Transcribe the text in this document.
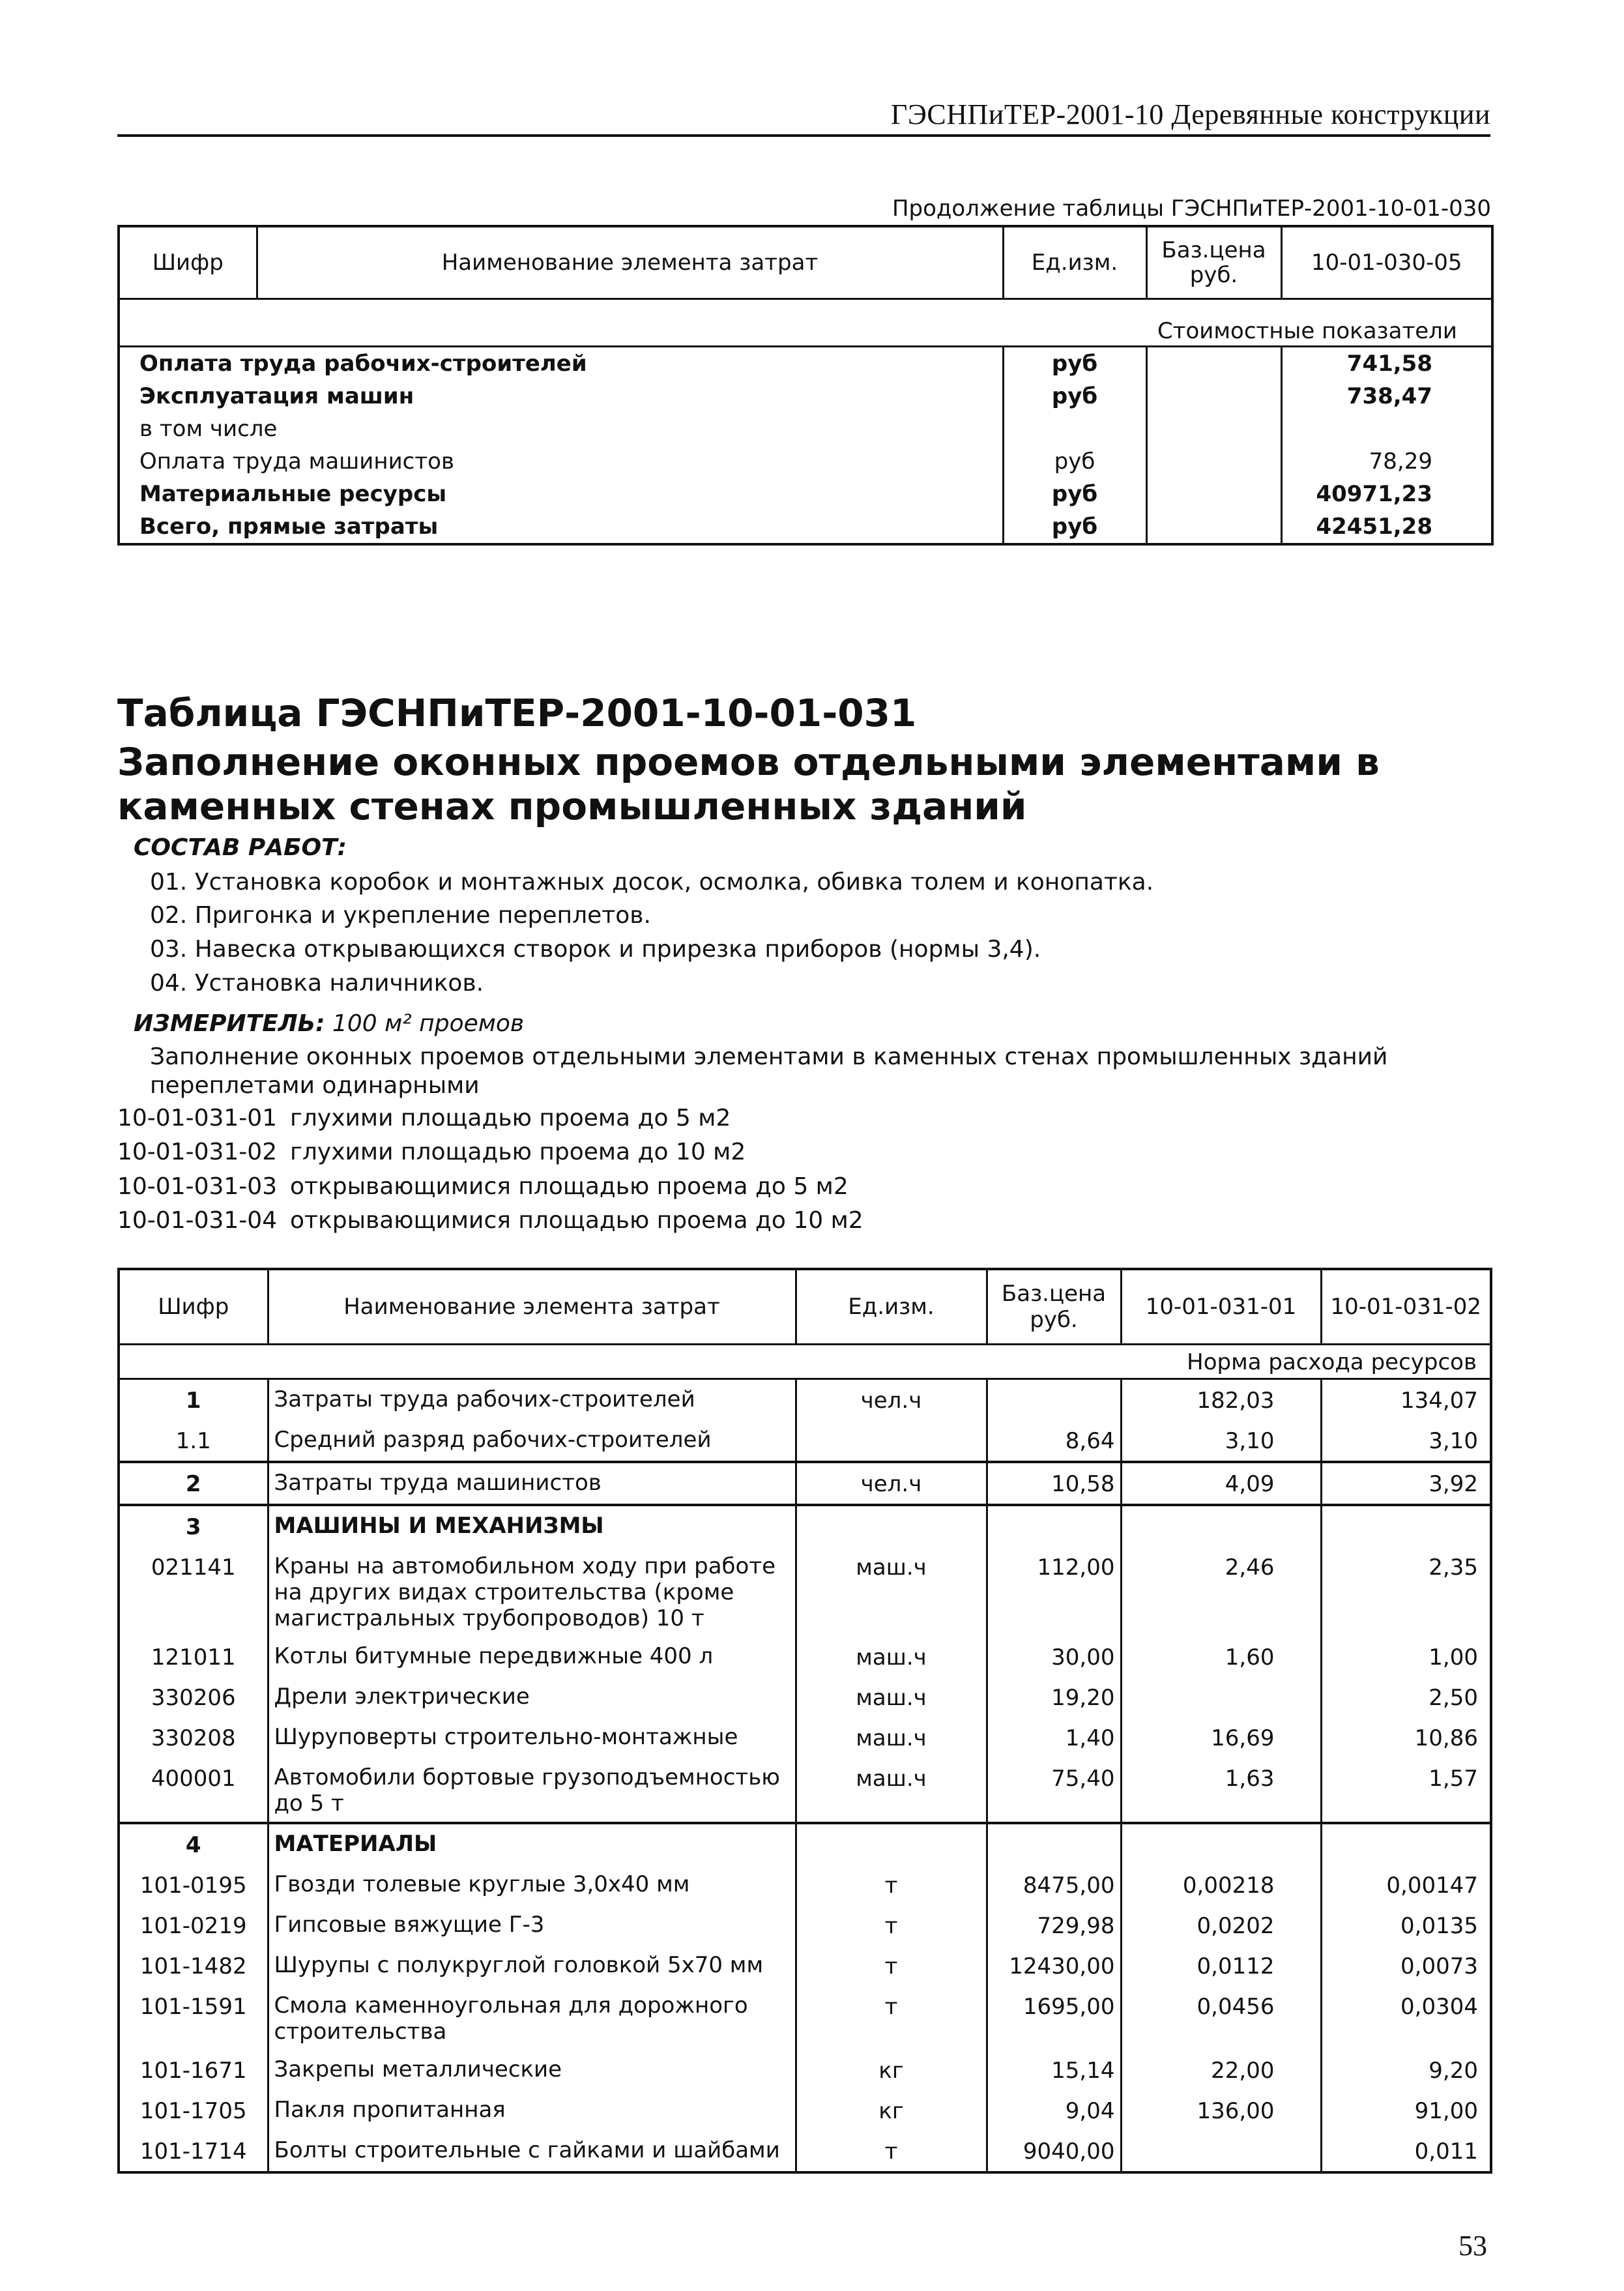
ГЭСНПиТЕР-2001-10 Деревянные конструкции
Продолжение таблицы ГЭСНПиТЕР-2001-10-01-030
Шифр	Наименование элемента затрат	Ед.изм.	Баз.цена руб.	10-01-030-05
Стоимостные показатели
	Оплата труда рабочих-строителей	руб		741,58
	Эксплуатация машин	руб		738,47
	в том числе			
	Оплата труда машинистов	руб		78,29
	Материальные ресурсы	руб		40971,23
	Всего, прямые затраты	руб		42451,28
Таблица ГЭСНПиТЕР-2001-10-01-031
Заполнение оконных проемов отдельными элементами в каменных стенах промышленных зданий
СОСТАВ РАБОТ:
01. Установка коробок и монтажных досок, осмолка, обивка толем и конопатка.
02. Пригонка и укрепление переплетов.
03. Навеска открывающихся створок и прирезка приборов (нормы 3,4).
04. Установка наличников.
ИЗМЕРИТЕЛЬ: 100 м² проемов
Заполнение оконных проемов отдельными элементами в каменных стенах промышленных зданий переплетами одинарными
10-01-031-01 глухими площадью проема до 5 м2
10-01-031-02 глухими площадью проема до 10 м2
10-01-031-03 открывающимися площадью проема до 5 м2
10-01-031-04 открывающимися площадью проема до 10 м2
Шифр	Наименование элемента затрат	Ед.изм.	Баз.цена руб.	10-01-031-01	10-01-031-02
Норма расхода ресурсов					
1	Затраты труда рабочих-строителей	чел.ч		182,03	134,07
1.1	Средний разряд рабочих-строителей		8,64	3,10	3,10
2	Затраты труда машинистов	чел.ч	10,58	4,09	3,92
3	МАШИНЫ И МЕХАНИЗМЫ				
021141	Краны на автомобильном ходу при работе на других видах строительства (кроме магистральных трубопроводов) 10 т	маш.ч	112,00	2,46	2,35
121011	Котлы битумные передвижные 400 л	маш.ч	30,00	1,60	1,00
330206	Дрели электрические	маш.ч	19,20		2,50
330208	Шуруповерты строительно-монтажные	маш.ч	1,40	16,69	10,86
400001	Автомобили бортовые грузоподъемностью до 5 т	маш.ч	75,40	1,63	1,57
4	МАТЕРИАЛЫ				
101-0195	Гвозди толевые круглые 3,0х40 мм	т	8475,00	0,00218	0,00147
101-0219	Гипсовые вяжущие Г-3	т	729,98	0,0202	0,0135
101-1482	Шурупы с полукруглой головкой 5х70 мм	т	12430,00	0,0112	0,0073
101-1591	Смола каменноугольная для дорожного строительства	т	1695,00	0,0456	0,0304
101-1671	Закрепы металлические	кг	15,14	22,00	9,20
101-1705	Пакля пропитанная	кг	9,04	136,00	91,00
101-1714	Болты строительные с гайками и шайбами	т	9040,00		0,011
53
